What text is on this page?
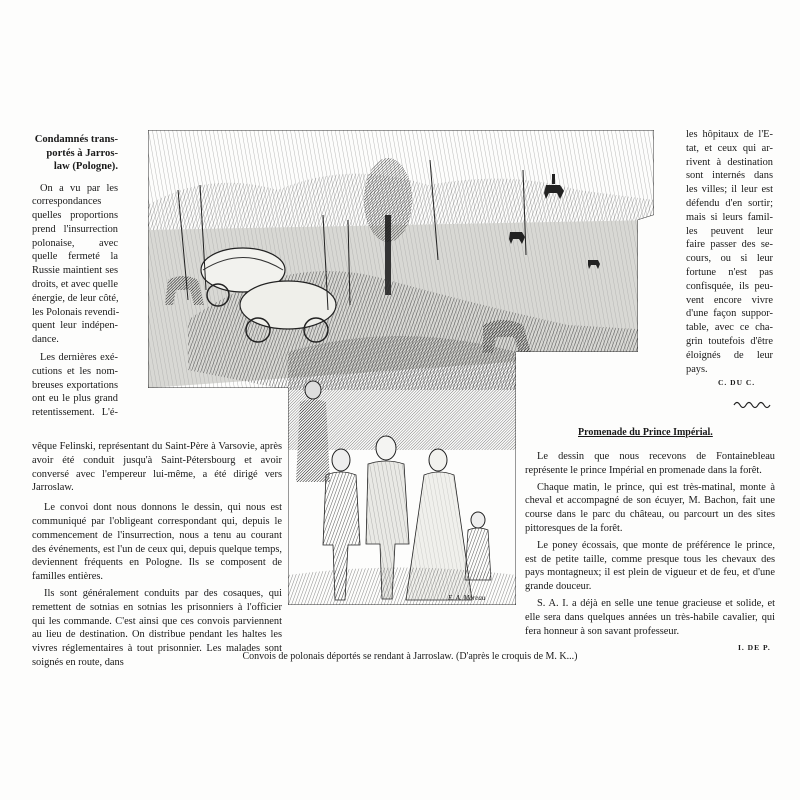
Condamnés trans-
portés à Jarros-
law (Pologne).
On a vu par les
correspondances
quelles proportions
prend l'insurrection
polonaise, avec
quelle fermeté la
Russie maintient ses
droits, et avec quelle
énergie, de leur côté,
les Polonais revendi-
quent leur indépen-
dance.
Les dernières exé-
cutions et les nom-
breuses exportations
ont eu le plus grand
retentissement. L'é-

vêque Felinski, représentant du Saint-Père à Varsovie, après avoir été conduit jusqu'à Saint-Pétersbourg et avoir conversé avec l'empereur lui-même, a été dirigé vers Jarroslaw.

Le convoi dont nous donnons le dessin, qui nous est communiqué par l'obligeant correspondant qui, depuis le commencement de l'insurrection, nous a tenu au courant des événements, est l'un de ceux qui, depuis quelque temps, deviennent fréquents en Pologne. Ils se composent de familles entières.

Ils sont généralement conduits par des cosaques, qui remettent de sotnias en sotnias les prisonniers à l'officier qui les commande. C'est ainsi que ces convois parviennent au lieu de destination. On distribue pendant les haltes les vivres réglementaires à tout prisonnier. Les malades sont soignés en route, dans

E. A. Moreau
Convois de polonais déportés se rendant à Jarroslaw. (D'après le croquis de M. K...)
les hôpitaux de l'E-
tat, et ceux qui ar-
rivent à destination
sont internés dans
les villes; il leur est
défendu d'en sortir;
mais si leurs famil-
les peuvent leur
faire passer des se-
cours, ou si leur
fortune n'est pas
confisquée, ils peu-
vent encore vivre
d'une façon suppor-
table, avec ce cha-
grin toutefois d'être
éloignés de leur
pays.
C. DU C.
Promenade du Prince Impérial.

Le dessin que nous recevons de Fontainebleau représente le prince Impérial en promenade dans la forêt.

Chaque matin, le prince, qui est très-matinal, monte à cheval et accompagné de son écuyer, M. Bachon, fait une course dans le parc du château, ou parcourt un des sites pittoresques de la forêt.

Le poney écossais, que monte de préférence le prince, est de petite taille, comme presque tous les chevaux des pays montagneux; il est plein de vigueur et de feu, et d'une grande douceur.

S. A. I. a déjà en selle une tenue gracieuse et solide, et elle sera dans quelques années un très-habile cavalier, qui fera honneur à son savant professeur.

I. DE P.
